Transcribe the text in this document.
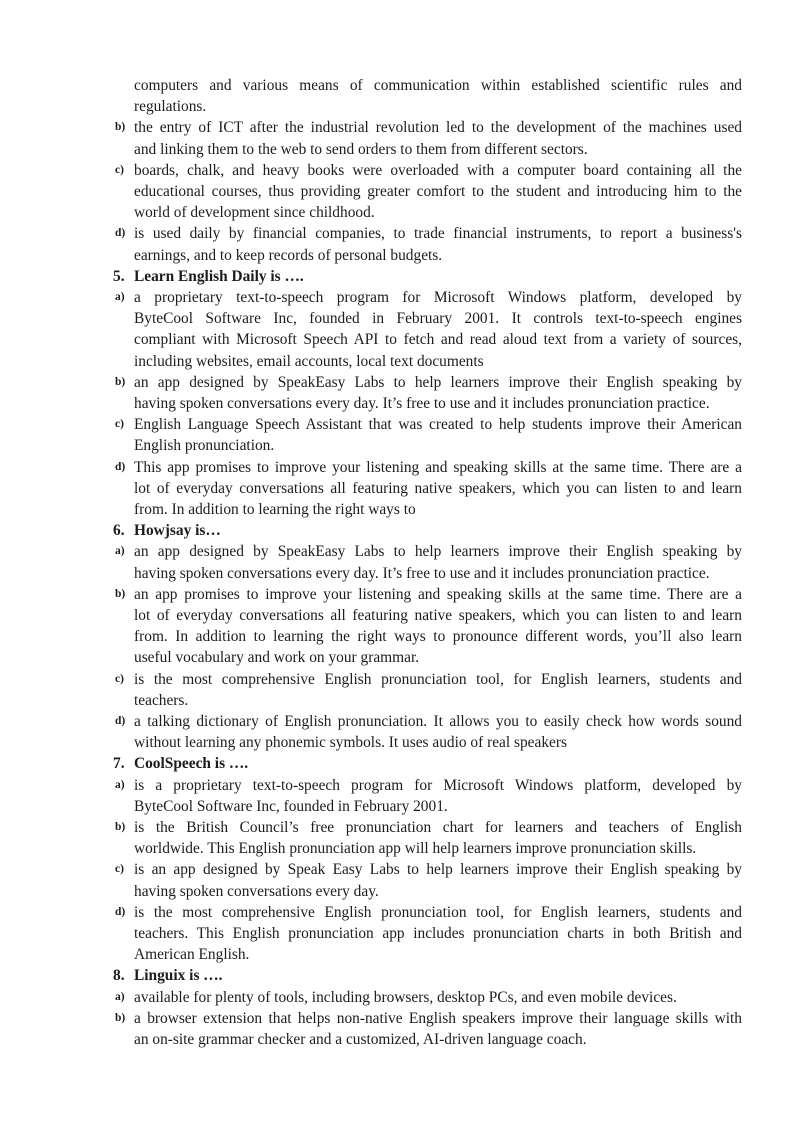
computers and various means of communication within established scientific rules and
regulations.
b) the entry of ICT after the industrial revolution led to the development of the machines used
and linking them to the web to send orders to them from different sectors.
c) boards, chalk, and heavy books were overloaded with a computer board containing all the
educational courses, thus providing greater comfort to the student and introducing him to the
world of development since childhood.
d) is used daily by financial companies, to trade financial instruments, to report a business's
earnings, and to keep records of personal budgets.
5. Learn English Daily is ….
a) a proprietary text-to-speech program for Microsoft Windows platform, developed by
ByteCool Software Inc, founded in February 2001. It controls text-to-speech engines
compliant with Microsoft Speech API to fetch and read aloud text from a variety of sources,
including websites, email accounts, local text documents
b) an app designed by SpeakEasy Labs to help learners improve their English speaking by
having spoken conversations every day. It’s free to use and it includes pronunciation practice.
c) English Language Speech Assistant that was created to help students improve their American
English pronunciation.
d) This app promises to improve your listening and speaking skills at the same time. There are a
lot of everyday conversations all featuring native speakers, which you can listen to and learn
from. In addition to learning the right ways to
6. Howjsay is…
a) an app designed by SpeakEasy Labs to help learners improve their English speaking by
having spoken conversations every day. It’s free to use and it includes pronunciation practice.
b) an app promises to improve your listening and speaking skills at the same time. There are a
lot of everyday conversations all featuring native speakers, which you can listen to and learn
from. In addition to learning the right ways to pronounce different words, you’ll also learn
useful vocabulary and work on your grammar.
c) is the most comprehensive English pronunciation tool, for English learners, students and
teachers.
d) a talking dictionary of English pronunciation. It allows you to easily check how words sound
without learning any phonemic symbols. It uses audio of real speakers
7. CoolSpeech is ….
a) is a proprietary text-to-speech program for Microsoft Windows platform, developed by
ByteCool Software Inc, founded in February 2001.
b) is the British Council’s free pronunciation chart for learners and teachers of English
worldwide. This English pronunciation app will help learners improve pronunciation skills.
c) is an app designed by Speak Easy Labs to help learners improve their English speaking by
having spoken conversations every day.
d) is the most comprehensive English pronunciation tool, for English learners, students and
teachers. This English pronunciation app includes pronunciation charts in both British and
American English.
8. Linguix is ….
a) available for plenty of tools, including browsers, desktop PCs, and even mobile devices.
b) a browser extension that helps non-native English speakers improve their language skills with
an on-site grammar checker and a customized, AI-driven language coach.
